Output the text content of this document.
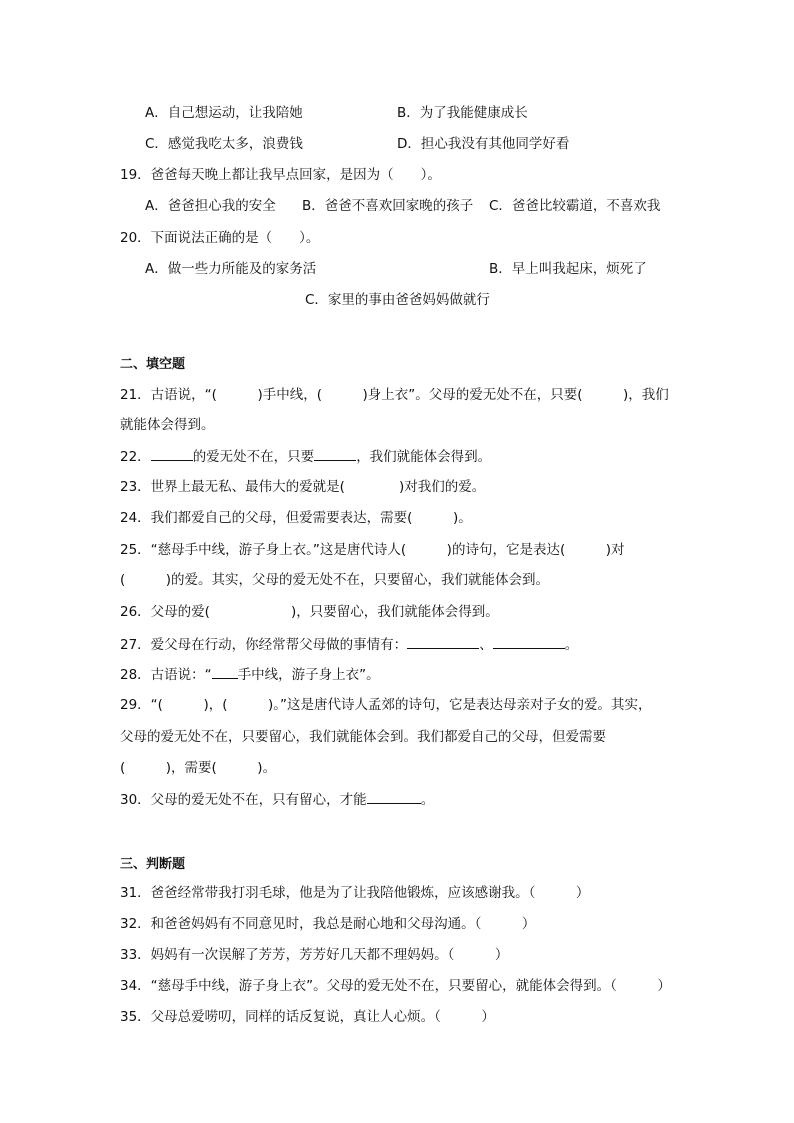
A．自己想运动，让我陪她	B．为了我能健康成长
C．感觉我吃太多，浪费钱	D．担心我没有其他同学好看
19．爸爸每天晚上都让我早点回家，是因为（　　）。
A．爸爸担心我的安全 B．爸爸不喜欢回家晚的孩子 C．爸爸比较霸道，不喜欢我
20．下面说法正确的是（　　）。
A．做一些力所能及的家务活	B．早上叫我起床，烦死了
C．家里的事由爸爸妈妈做就行
二、填空题
21．古语说，“(　　　)手中线，(　　　)身上衣”。父母的爱无处不在，只要(　　　)，我们
就能体会得到。
22．	的爱无处不在，只要	，我们就能体会得到。
23．世界上最无私、最伟大的爱就是(　　　　)对我们的爱。
24．我们都爱自己的父母，但爱需要表达，需要(　　　)。
25．“慈母手中线，游子身上衣。”这是唐代诗人(　　　)的诗句，它是表达(　　　)对
(　　　)的爱。其实，父母的爱无处不在，只要留心，我们就能体会到。
26．父母的爱(　　　　　　)，只要留心，我们就能体会得到。
27．爱父母在行动，你经常帮父母做的事情有：	、	。
28．古语说：“ 手中线，游子身上衣”。
29．“(　　　)，(　　　)。”这是唐代诗人孟郊的诗句，它是表达母亲对子女的爱。其实，
父母的爱无处不在，只要留心，我们就能体会到。我们都爱自己的父母，但爱需要
(　　　)，需要(　　　)。
30．父母的爱无处不在，只有留心，才能	。
三、判断题
31．爸爸经常带我打羽毛球，他是为了让我陪他锻炼，应该感谢我。（　　　）
32．和爸爸妈妈有不同意见时，我总是耐心地和父母沟通。（　　　）
33．妈妈有一次误解了芳芳，芳芳好几天都不理妈妈。（　　　）
34．“慈母手中线，游子身上衣”。父母的爱无处不在，只要留心，就能体会得到。（　　　）
35．父母总爱唠叨，同样的话反复说，真让人心烦。（　　　）
